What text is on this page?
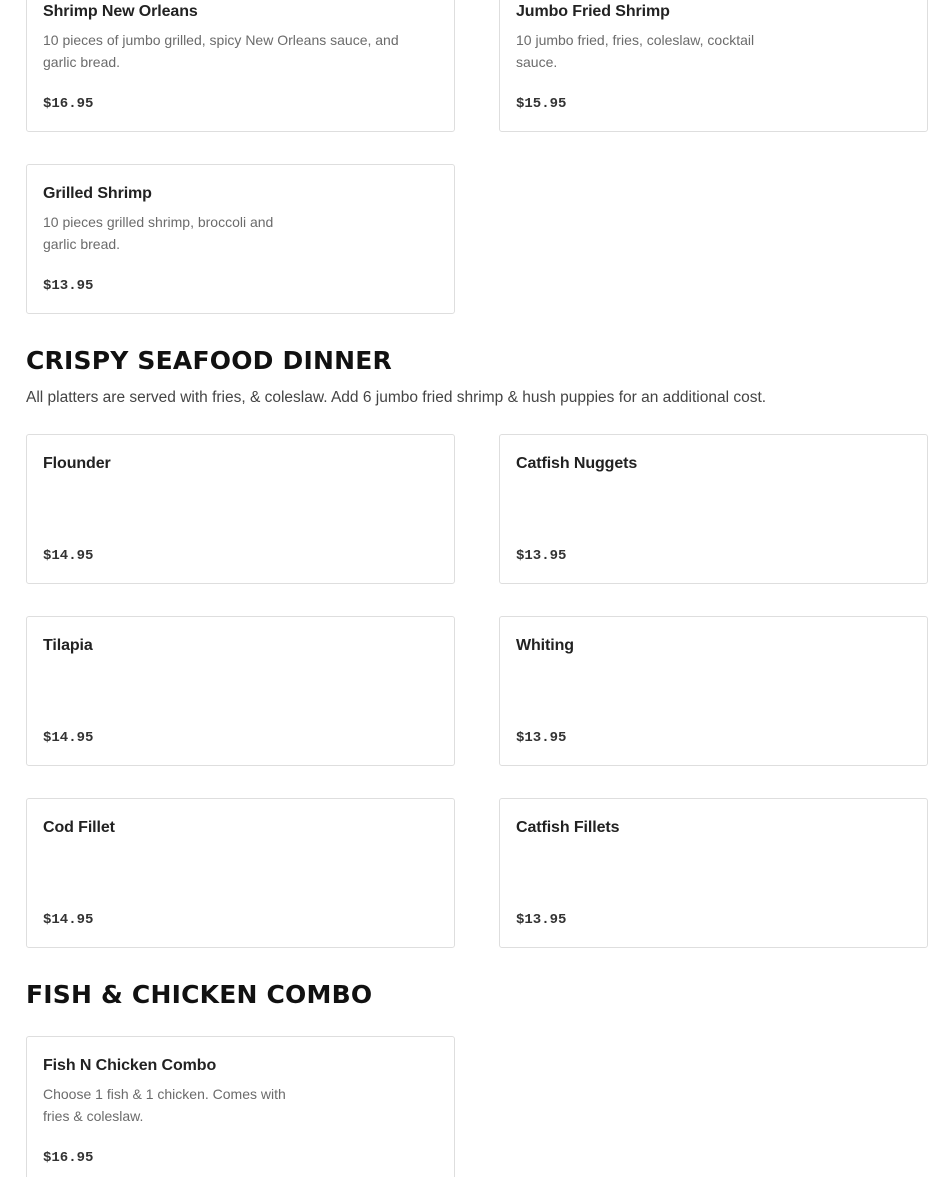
Shrimp New Orleans
10 pieces of jumbo grilled, spicy New Orleans sauce, and garlic bread.
$16.95
Jumbo Fried Shrimp
10 jumbo fried, fries, coleslaw, cocktail sauce.
$15.95
Grilled Shrimp
10 pieces grilled shrimp, broccoli and garlic bread.
$13.95
CRISPY SEAFOOD DINNER
All platters are served with fries, & coleslaw. Add 6 jumbo fried shrimp & hush puppies for an additional cost.
Flounder
$14.95
Catfish Nuggets
$13.95
Tilapia
$14.95
Whiting
$13.95
Cod Fillet
$14.95
Catfish Fillets
$13.95
FISH & CHICKEN COMBO
Fish N Chicken Combo
Choose 1 fish & 1 chicken. Comes with fries & coleslaw.
$16.95
